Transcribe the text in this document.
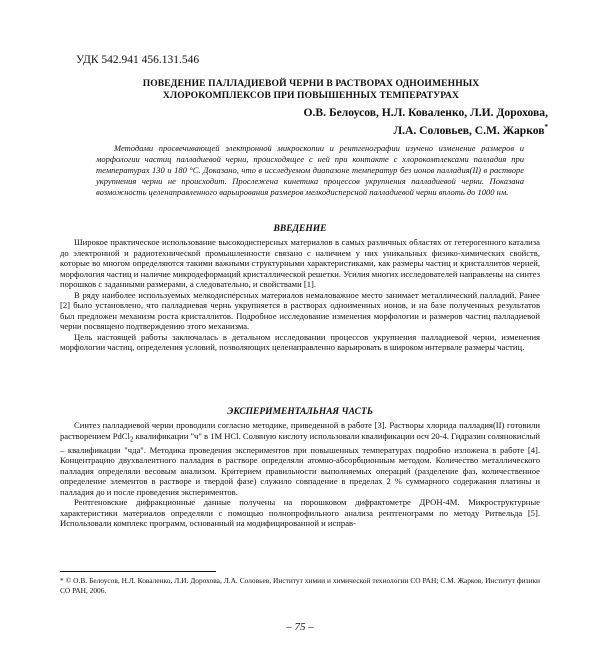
УДК 542.941 456.131.546
ПОВЕДЕНИЕ ПАЛЛАДИЕВОЙ ЧЕРНИ В РАСТВОРАХ ОДНОИМЕННЫХ
ХЛОРОКОМПЛЕКСОВ ПРИ ПОВЫШЕННЫХ ТЕМПЕРАТУРАХ
О.В. Белоусов, Н.Л. Коваленко, Л.И. Дорохова,
Л.А. Соловьев, С.М. Жарков*
Методами просвечивающей электронной микроскопии и рентгенографии изучено изменение размеров и морфологии частиц палладиевой черни, происходящее с ней при контакте с хлорокомплексами палладия при температурах 130 и 180 °С. Доказано, что в исследуемом диапазоне температур без ионов палладия(II) в растворе укрупнения черни не происходит. Прослежена кинетика процессов укрупнения палладиевой черни. Показана возможность целенаправленного варьирования размеров мелкодисперсной палладиевой черни вплоть до 1000 нм.
ВВЕДЕНИЕ

Широкое практическое использование высокодисперсных материалов в самых различных областях от гетерогенного катализа до электронной и радиотехнической промышленности связано с наличием у них уникальных физико-химических свойств, которые во многом определяются такими важными структурными характеристиками, как размеры частиц и кристаллитов черней, морфология частиц и наличие микродеформаций кристаллической решетки. Усилия многих исследователей направлены на синтез порошков с заданными размерами, а следовательно, и свойствами [1].

В ряду наиболее используемых мелкодисперсных материалов немаловажное место занимает металлический палладий. Ранее [2] было установлено, что палладиевая чернь укрупняется в растворах одноименных ионов, и на базе полученных результатов был предложен механизм роста кристаллитов. Подробное исследование изменения морфологии и размеров частиц палладиевой черни посвящено подтверждению этого механизма.

Цель настоящей работы заключалась в детальном исследовании процессов укрупнения палладиевой черни, изменения морфологии частиц, определения условий, позволяющих целенаправленно варьировать в широком интервале размеры частиц.

ЭКСПЕРИМЕНТАЛЬНАЯ ЧАСТЬ

Синтез палладиевой черни проводили согласно методике, приведенной в работе [3]. Растворы хлорида палладия(II) готовили растворением PdCl$_2$ квалификации "ч" в 1М HCl. Соляную кислоту использовали квалификации осч 20-4. Гидразин солянокислый – квалификации "чда". Методика проведения экспериментов при повышенных температурах подробно изложена в работе [4]. Концентрацию двухвалентного палладия в растворе определяли атомно-абсорбционным методом. Количество металлического палладия определяли весовым анализом. Критерием правильности выполняемых операций (разделение фаз, количественное определение элементов в растворе и твердой фазе) служило совпадение в пределах 2 % суммарного содержания платины и палладия до и после проведения экспериментов.

Рентгеновские дифракционные данные получены на порошковом дифрактометре ДРОН-4М. Микроструктурные характеристики материалов определяли с помощью полнопрофильного анализа рентгенограмм по методу Ритвельда [5]. Использовали комплекс программ, основанный на модифицированной и исправ-

* © О.В. Белоусов, Н.Л. Коваленко, Л.И. Дорохова, Л.А. Соловьев, Институт химии и химической технологии СО РАН; С.М. Жарков, Институт физики СО РАН, 2006.
– 75 –
